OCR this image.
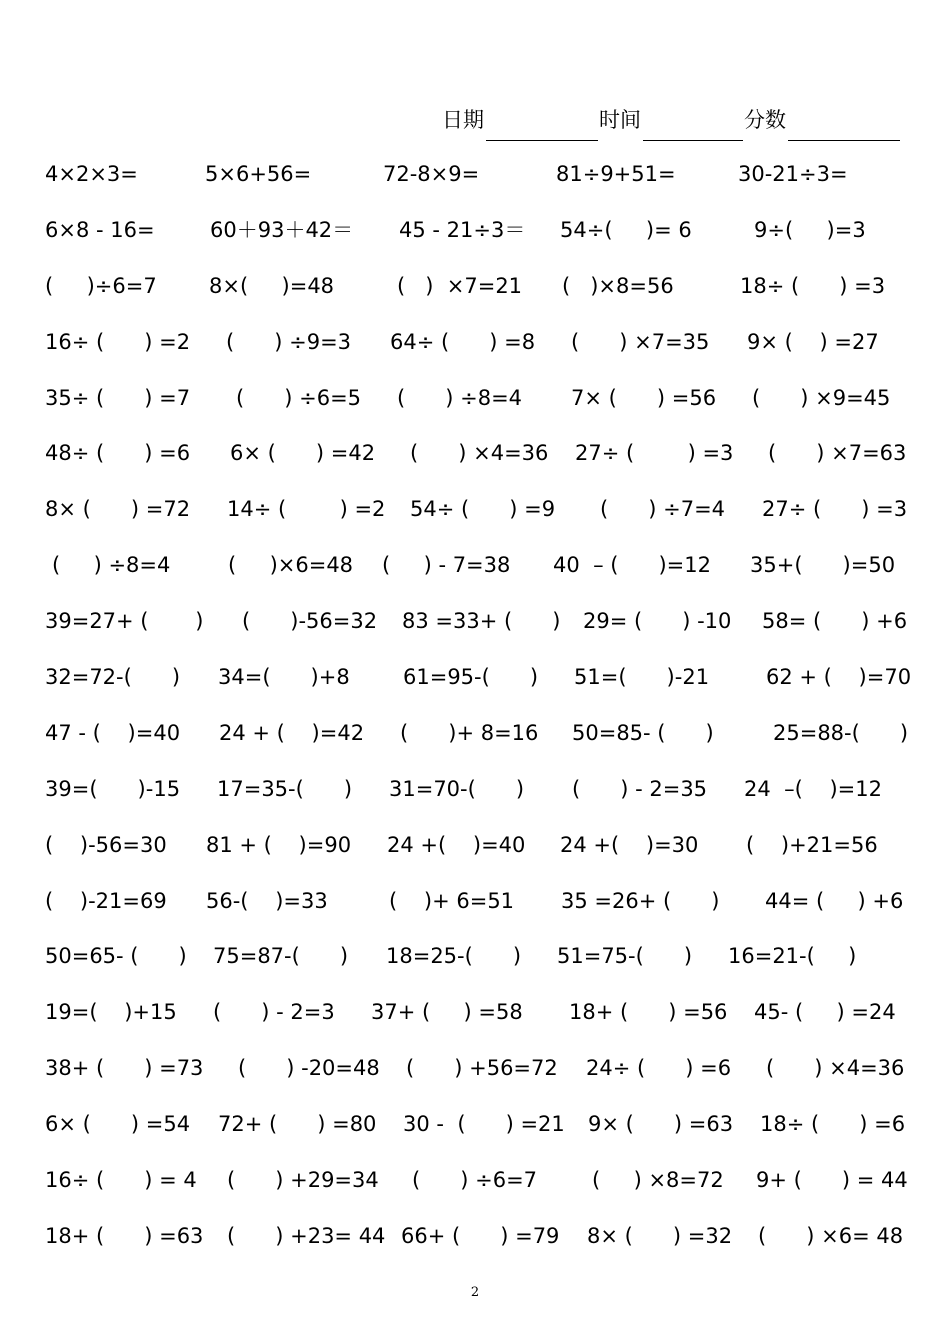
日期	时间	分数
4×2×3=	5×6+56=	72-8×9=	81÷9+51=	30-21÷3=
6×8 - 16=	60＋93＋42＝ 45 - 21÷3＝ 54÷(     )= 6	9÷(     )=3
(     )÷6=7 8×(     )=48	(   )  ×7=21 (   )×8=56	18÷ (      ) =3
16÷ (      ) =2 (      ) ÷9=3 64÷ (      ) =8 (      ) ×7=35 9× (    ) =27
35÷ (      ) =7 (      ) ÷6=5 (      ) ÷8=4 7× (      ) =56 (      ) ×9=45
48÷ (      ) =6 6× (      ) =42 (      ) ×4=36 27÷ (        ) =3 (      ) ×7=63
8× (      ) =72 14÷ (        ) =2 54÷ (      ) =9 (      ) ÷7=4 27÷ (      ) =3
(     ) ÷8=4	(     )×6=48 (     ) - 7=38 40  – (      )=12 35+(      )=50
39=27+ (       ) (      )-56=32 83 =33+ (      ) 29= (      ) -10 58= (      ) +6
32=72-(      ) 34=(      )+8	61=95-(      ) 51=(      )-21	62 + (    )=70
47 - (    )=40 24 + (    )=42 (      )+ 8=16 50=85- (      )	25=88-(      )
39=(      )-15 17=35-(      ) 31=70-(      ) (      ) - 2=35 24  –(    )=12
(    )-56=30 81 + (    )=90 24 +(    )=40 24 +(    )=30 (    )+21=56
(    )-21=69 56-(    )=33	(    )+ 6=51 35 =26+ (      ) 44= (     ) +6
50=65- (      ) 75=87-(      ) 18=25-(      ) 51=75-(      ) 16=21-(     )
19=(    )+15 (      ) - 2=3 37+ (     ) =58 18+ (      ) =56 45- (     ) =24
38+ (      ) =73 (      ) -20=48 (      ) +56=72 24÷ (      ) =6 (      ) ×4=36
6× (      ) =54 72+ (      ) =80 30 -  (      ) =21 9× (      ) =63 18÷ (      ) =6
16÷ (      ) = 4 (      ) +29=34 (      ) ÷6=7	(     ) ×8=72 9+ (      ) = 44
18+ (      ) =63 (      ) +23= 44 66+ (      ) =79 8× (      ) =32 (      ) ×6= 48
2
